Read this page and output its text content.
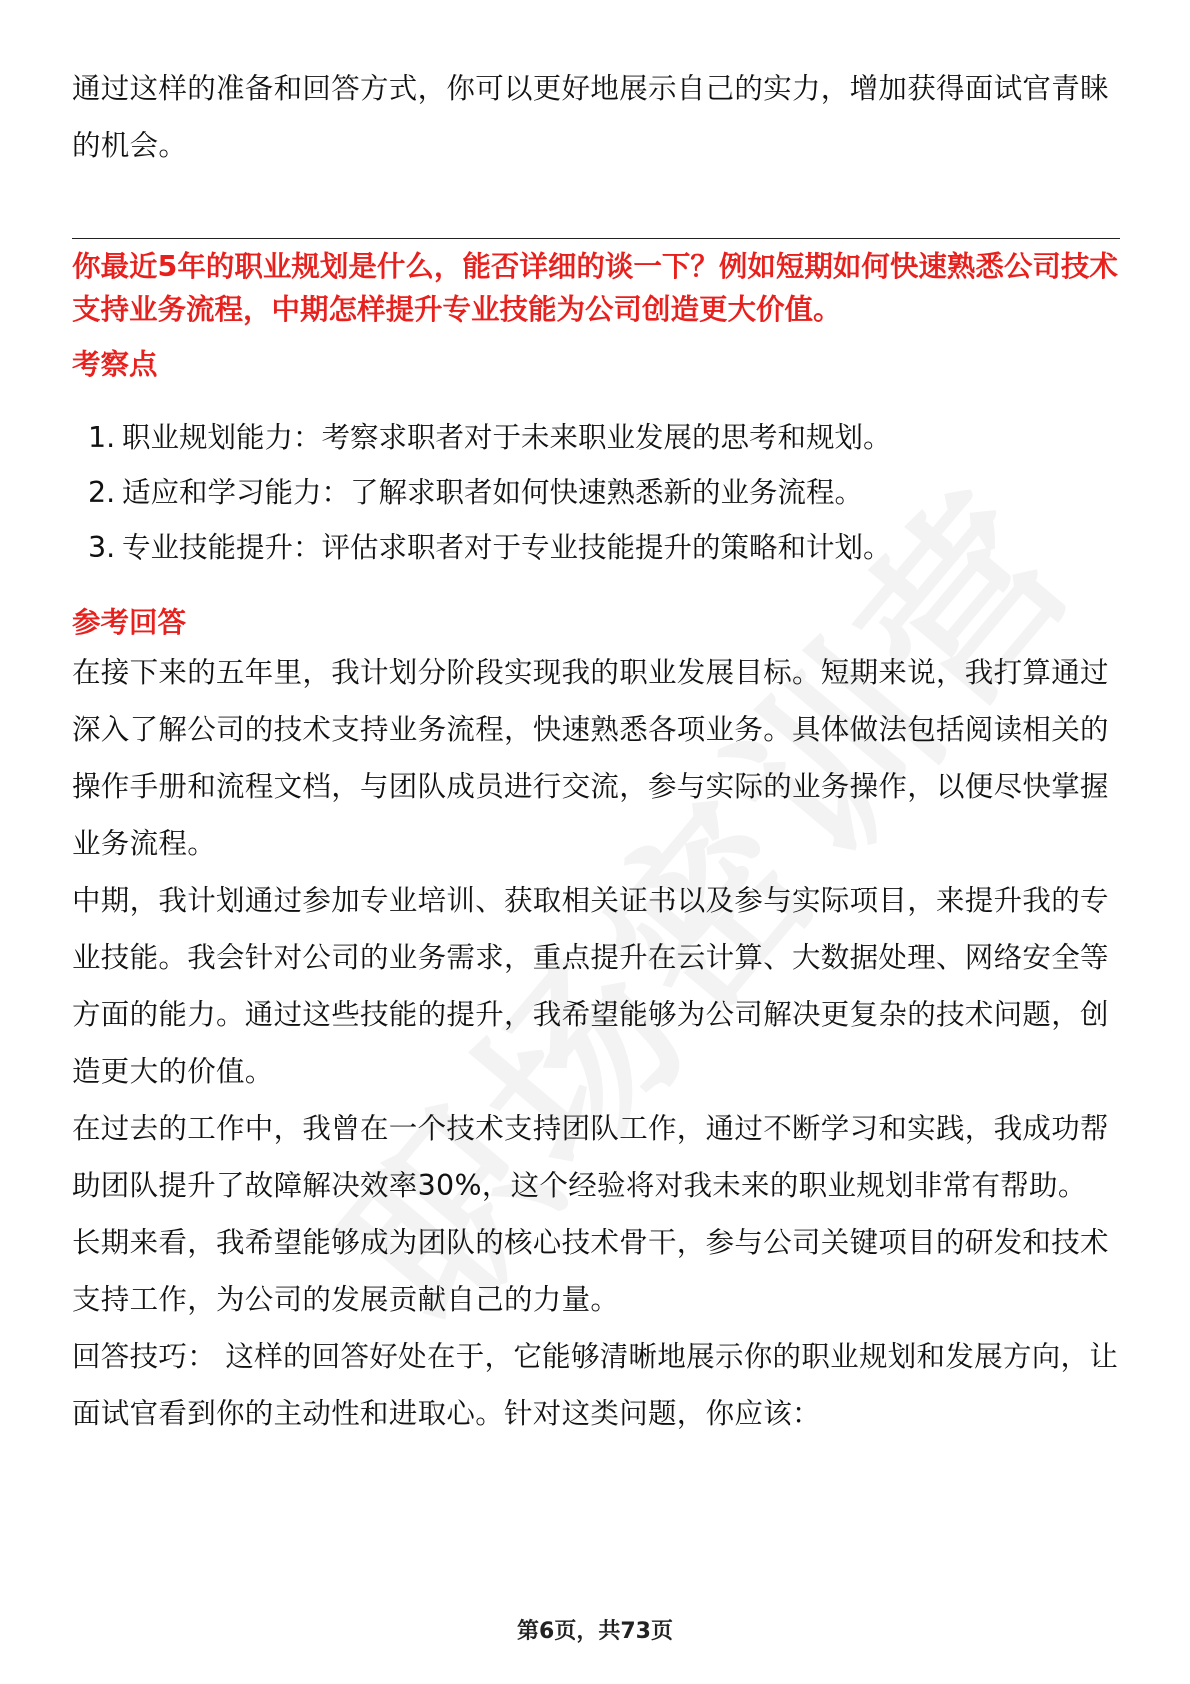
通过这样的准备和回答方式，你可以更好地展示自己的实力，增加获得面试官青睐的机会。

你最近5年的职业规划是什么，能否详细的谈一下？例如短期如何快速熟悉公司技术支持业务流程，中期怎样提升专业技能为公司创造更大价值。

考察点

1. 职业规划能力：考察求职者对于未来职业发展的思考和规划。
2. 适应和学习能力：了解求职者如何快速熟悉新的业务流程。
3. 专业技能提升：评估求职者对于专业技能提升的策略和计划。

参考回答

在接下来的五年里，我计划分阶段实现我的职业发展目标。短期来说，我打算通过深入了解公司的技术支持业务流程，快速熟悉各项业务。具体做法包括阅读相关的操作手册和流程文档，与团队成员进行交流，参与实际的业务操作，以便尽快掌握业务流程。

中期，我计划通过参加专业培训、获取相关证书以及参与实际项目，来提升我的专业技能。我会针对公司的业务需求，重点提升在云计算、大数据处理、网络安全等方面的能力。通过这些技能的提升，我希望能够为公司解决更复杂的技术问题，创造更大的价值。

在过去的工作中，我曾在一个技术支持团队工作，通过不断学习和实践，我成功帮助团队提升了故障解决效率30%，这个经验将对我未来的职业规划非常有帮助。

长期来看，我希望能够成为团队的核心技术骨干，参与公司关键项目的研发和技术支持工作，为公司的发展贡献自己的力量。

回答技巧： 这样的回答好处在于，它能够清晰地展示你的职业规划和发展方向，让面试官看到你的主动性和进取心。针对这类问题，你应该：

第6页，共73页
